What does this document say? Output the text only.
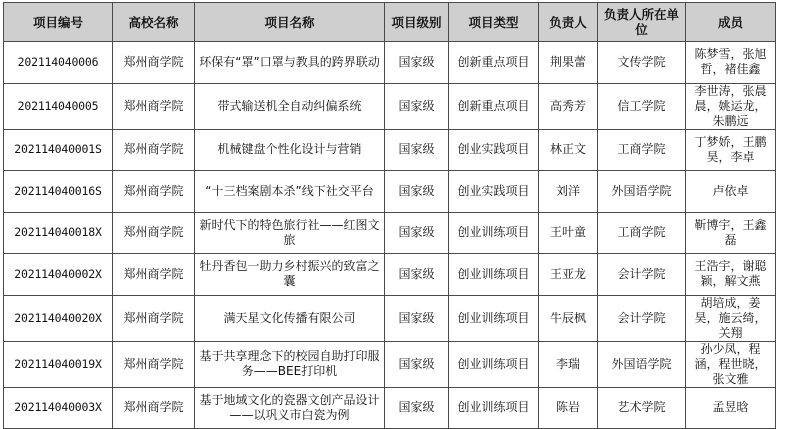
项目编号	高校名称	项目名称	项目级别	项目类型	负责人	负责人所在单位	成员
202114040006	郑州商学院	环保有“罩”口罩与教具的跨界联动	国家级	创新重点项目	荆果蕾	文传学院	陈梦雪，张旭哲，褚佳鑫
202114040005	郑州商学院	带式输送机全自动纠偏系统	国家级	创新重点项目	高秀芳	信工学院	李世涛，张晨晨，姚运龙，朱鹏远
202114040001S	郑州商学院	机械键盘个性化设计与营销	国家级	创业实践项目	林正文	工商学院	丁梦娇，王鹏昊，李卓
202114040016S	郑州商学院	“十三档案剧本杀”线下社交平台	国家级	创业实践项目	刘洋	外国语学院	卢依卓
202114040018X	郑州商学院	新时代下的特色旅行社——红图文旅	国家级	创业训练项目	王叶童	工商学院	靳博宇，王鑫磊
202114040002X	郑州商学院	牡丹香包一助力乡村振兴的致富之囊	国家级	创业训练项目	王亚龙	会计学院	王浩宇，谢聪颖，解文燕
202114040020X	郑州商学院	满天星文化传播有限公司	国家级	创业训练项目	牛辰枫	会计学院	胡培成，姜昊，施云绮，关翔
202114040019X	郑州商学院	基于共享理念下的校园自助打印服务——BEE打印机	国家级	创业训练项目	李瑞	外国语学院	孙少凤，程涵，程世晓，张文雅
202114040003X	郑州商学院	基于地域文化的瓷器文创产品设计——以巩义市白瓷为例	国家级	创业训练项目	陈岩	艺术学院	孟昱晗
